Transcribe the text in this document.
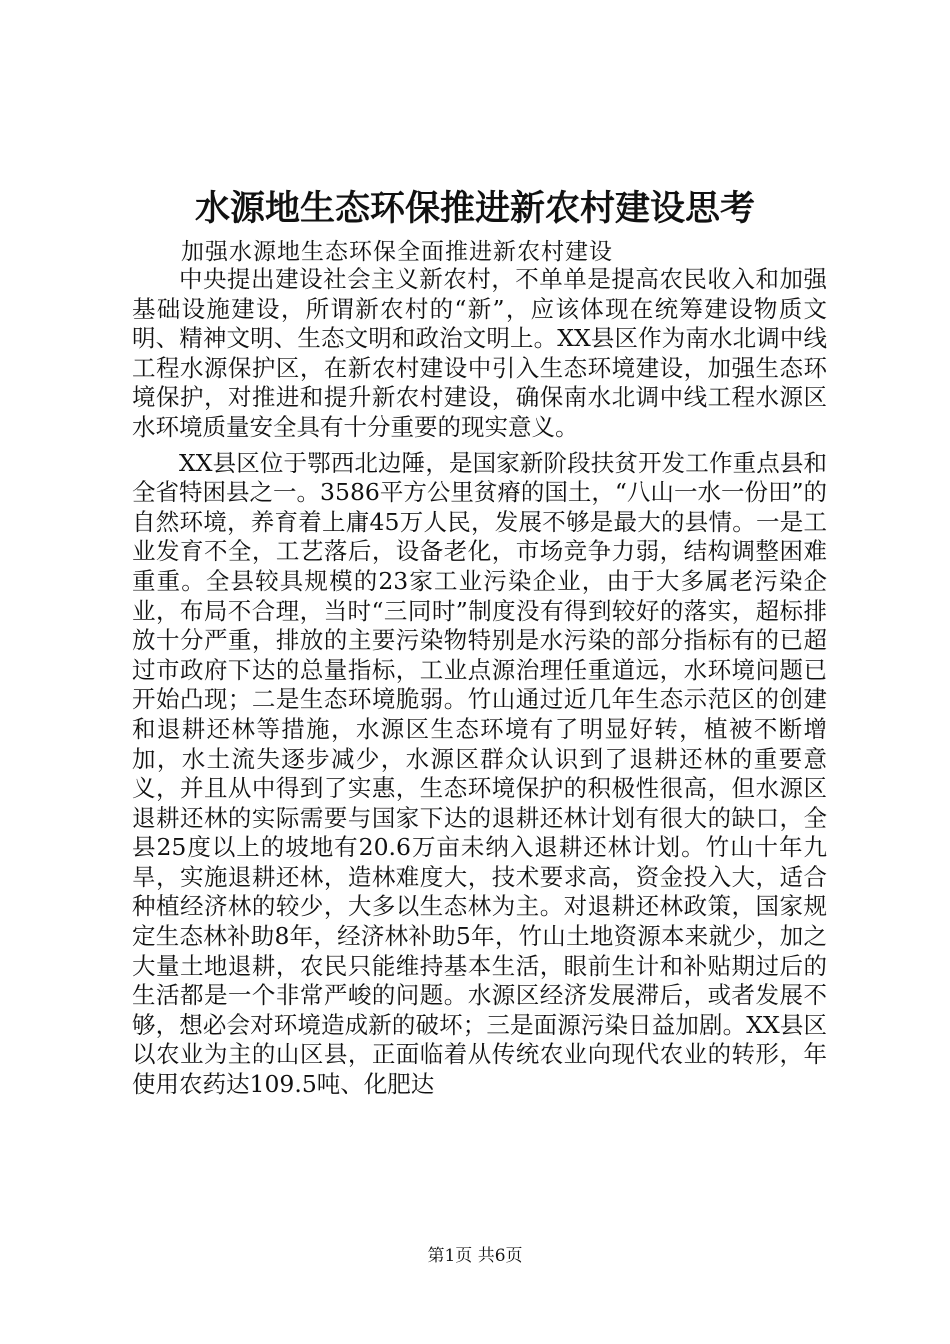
水源地生态环保推进新农村建设思考

加强水源地生态环保全面推进新农村建设

中央提出建设社会主义新农村，不单单是提高农民收入和加强基础设施建设，所谓新农村的“新”，应该体现在统筹建设物质文明、精神文明、生态文明和政治文明上。XX县区作为南水北调中线工程水源保护区，在新农村建设中引入生态环境建设，加强生态环境保护，对推进和提升新农村建设，确保南水北调中线工程水源区水环境质量安全具有十分重要的现实意义。

XX县区位于鄂西北边陲，是国家新阶段扶贫开发工作重点县和全省特困县之一。3586平方公里贫瘠的国土，“八山一水一份田”的自然环境，养育着上庸45万人民，发展不够是最大的县情。一是工业发育不全，工艺落后，设备老化，市场竞争力弱，结构调整困难重重。全县较具规模的23家工业污染企业，由于大多属老污染企业，布局不合理，当时“三同时”制度没有得到较好的落实，超标排放十分严重，排放的主要污染物特别是水污染的部分指标有的已超过市政府下达的总量指标，工业点源治理任重道远，水环境问题已开始凸现；二是生态环境脆弱。竹山通过近几年生态示范区的创建和退耕还林等措施，水源区生态环境有了明显好转，植被不断增加，水土流失逐步减少，水源区群众认识到了退耕还林的重要意义，并且从中得到了实惠，生态环境保护的积极性很高，但水源区退耕还林的实际需要与国家下达的退耕还林计划有很大的缺口，全县25度以上的坡地有20.6万亩未纳入退耕还林计划。竹山十年九旱，实施退耕还林，造林难度大，技术要求高，资金投入大，适合种植经济林的较少，大多以生态林为主。对退耕还林政策，国家规定生态林补助8年，经济林补助5年，竹山土地资源本来就少，加之大量土地退耕，农民只能维持基本生活，眼前生计和补贴期过后的生活都是一个非常严峻的问题。水源区经济发展滞后，或者发展不够，想必会对环境造成新的破坏；三是面源污染日益加剧。XX县区以农业为主的山区县，正面临着从传统农业向现代农业的转形，年使用农药达109.5吨、化肥达

第1页 共6页
